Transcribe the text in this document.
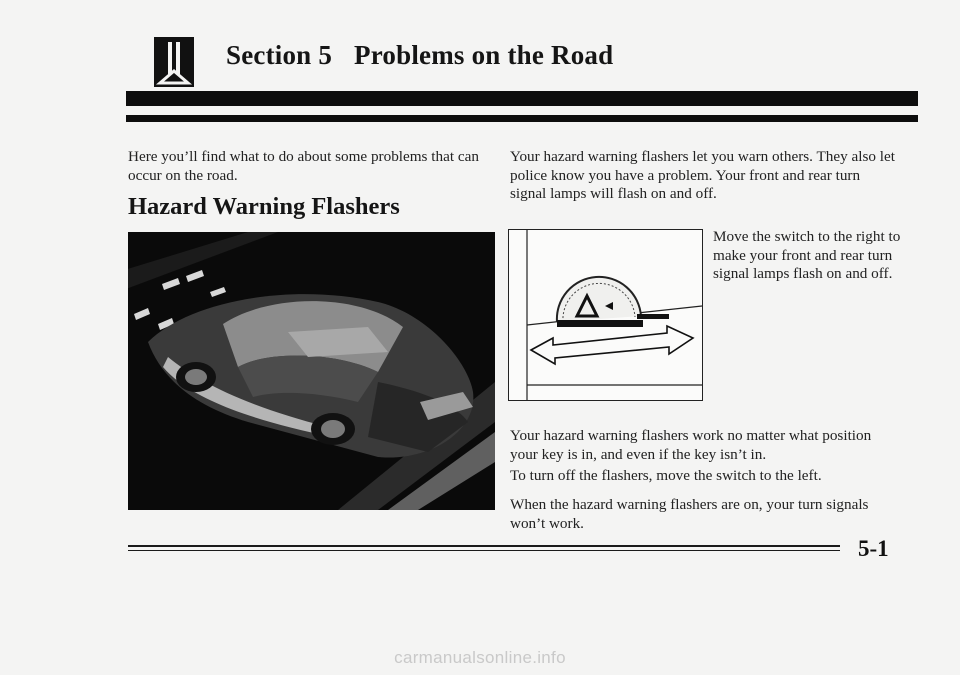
Section 5 Problems on the Road

Here you’ll find what to do about some problems that can occur on the road.

Hazard Warning Flashers

Your hazard warning flashers let you warn others. They also let police know you have a problem. Your front and rear turn signal lamps will flash on and off.

Move the switch to the right to make your front and rear turn signal lamps flash on and off.

Your hazard warning flashers work no matter what position your key is in, and even if the key isn’t in.

To turn off the flashers, move the switch to the left.

When the hazard warning flashers are on, your turn signals won’t work.

5-1
carmanualsonline.info
